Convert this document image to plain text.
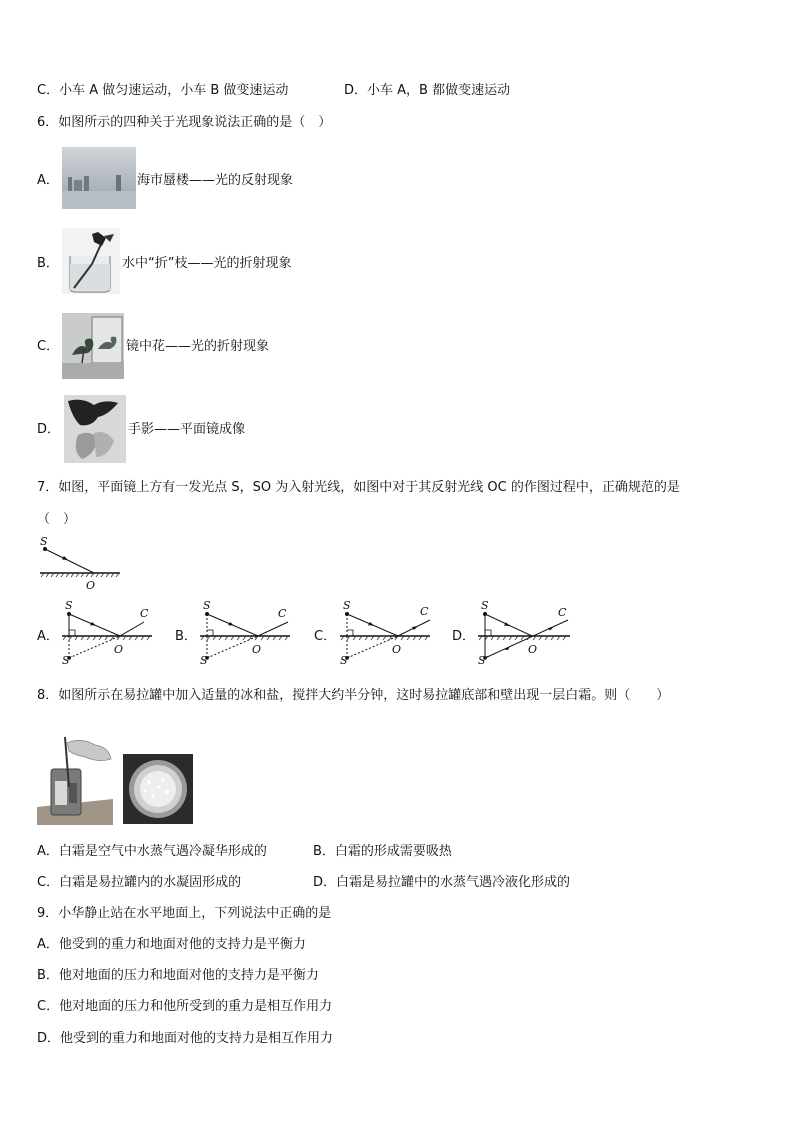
C．小车 A 做匀速运动，小车 B 做变速运动	D．小车 A，B 都做变速运动
6．如图所示的四种关于光现象说法正确的是（　）
A．	海市蜃楼——光的反射现象
B．	水中“折”枝——光的折射现象
C．	镜中花——光的折射现象
D．	手影——平面镜成像
7．如图，平面镜上方有一发光点 S，SO 为入射光线，如图中对于其反射光线 OC 的作图过程中，正确规范的是
（　）
S
O
A．	B．	C．	D．
S
C
O
S′
S
C
O
S′
S	C
O
S′
S
C
O
S′
8．如图所示在易拉罐中加入适量的冰和盐，搅拌大约半分钟，这时易拉罐底部和壁出现一层白霜。则（　　）
A．白霜是空气中水蒸气遇冷凝华形成的	B．白霜的形成需要吸热
C．白霜是易拉罐内的水凝固形成的	D．白霜是易拉罐中的水蒸气遇冷液化形成的
9．小华静止站在水平地面上，下列说法中正确的是
A．他受到的重力和地面对他的支持力是平衡力
B．他对地面的压力和地面对他的支持力是平衡力
C．他对地面的压力和他所受到的重力是相互作用力
D．他受到的重力和地面对他的支持力是相互作用力
